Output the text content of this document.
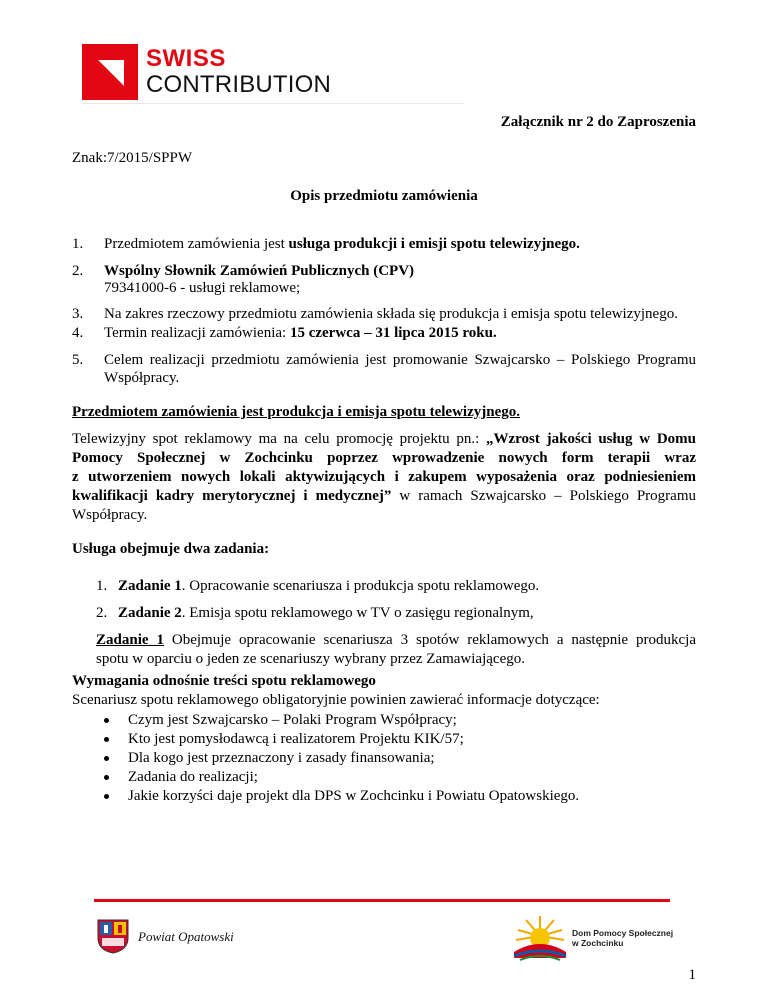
SWISS
CONTRIBUTION
Załącznik nr 2 do Zaproszenia
Znak:7/2015/SPPW
Opis przedmiotu zamówienia
1.	Przedmiotem zamówienia jest usługa produkcji i emisji spotu telewizyjnego.
2.	Wspólny Słownik Zamówień Publicznych (CPV)
79341000-6 - usługi reklamowe;
3.	Na zakres rzeczowy przedmiotu zamówienia składa się produkcja i emisja spotu telewizyjnego.
4.	Termin realizacji zamówienia: 15 czerwca – 31 lipca 2015 roku.
5.	Celem realizacji przedmiotu zamówienia jest promowanie Szwajcarsko – Polskiego Programu
Współpracy.
Przedmiotem zamówienia jest produkcja i emisja spotu telewizyjnego.
Telewizyjny spot reklamowy ma na celu promocję projektu pn.: „Wzrost jakości usług w Domu
Pomocy Społecznej w Zochcinku poprzez wprowadzenie nowych form terapii wraz
z utworzeniem nowych lokali aktywizujących i zakupem wyposażenia oraz podniesieniem
kwalifikacji kadry merytorycznej i medycznej” w ramach Szwajcarsko – Polskiego Programu
Współpracy.
Usługa obejmuje dwa zadania:
1. Zadanie 1. Opracowanie scenariusza i produkcja spotu reklamowego.
2. Zadanie 2. Emisja spotu reklamowego w TV o zasięgu regionalnym,
Zadanie 1 Obejmuje opracowanie scenariusza 3 spotów reklamowych a następnie produkcja
spotu w oparciu o jeden ze scenariuszy wybrany przez Zamawiającego.
Wymagania odnośnie treści spotu reklamowego
Scenariusz spotu reklamowego obligatoryjnie powinien zawierać informacje dotyczące:
Czym jest Szwajcarsko – Polaki Program Współpracy;
Kto jest pomysłodawcą i realizatorem Projektu KIK/57;
Dla kogo jest przeznaczony i zasady finansowania;
Zadania do realizacji;
Jakie korzyści daje projekt dla DPS w Zochcinku i Powiatu Opatowskiego.
Powiat Opatowski	Dom Pomocy Społecznej
w Zochcinku
1
